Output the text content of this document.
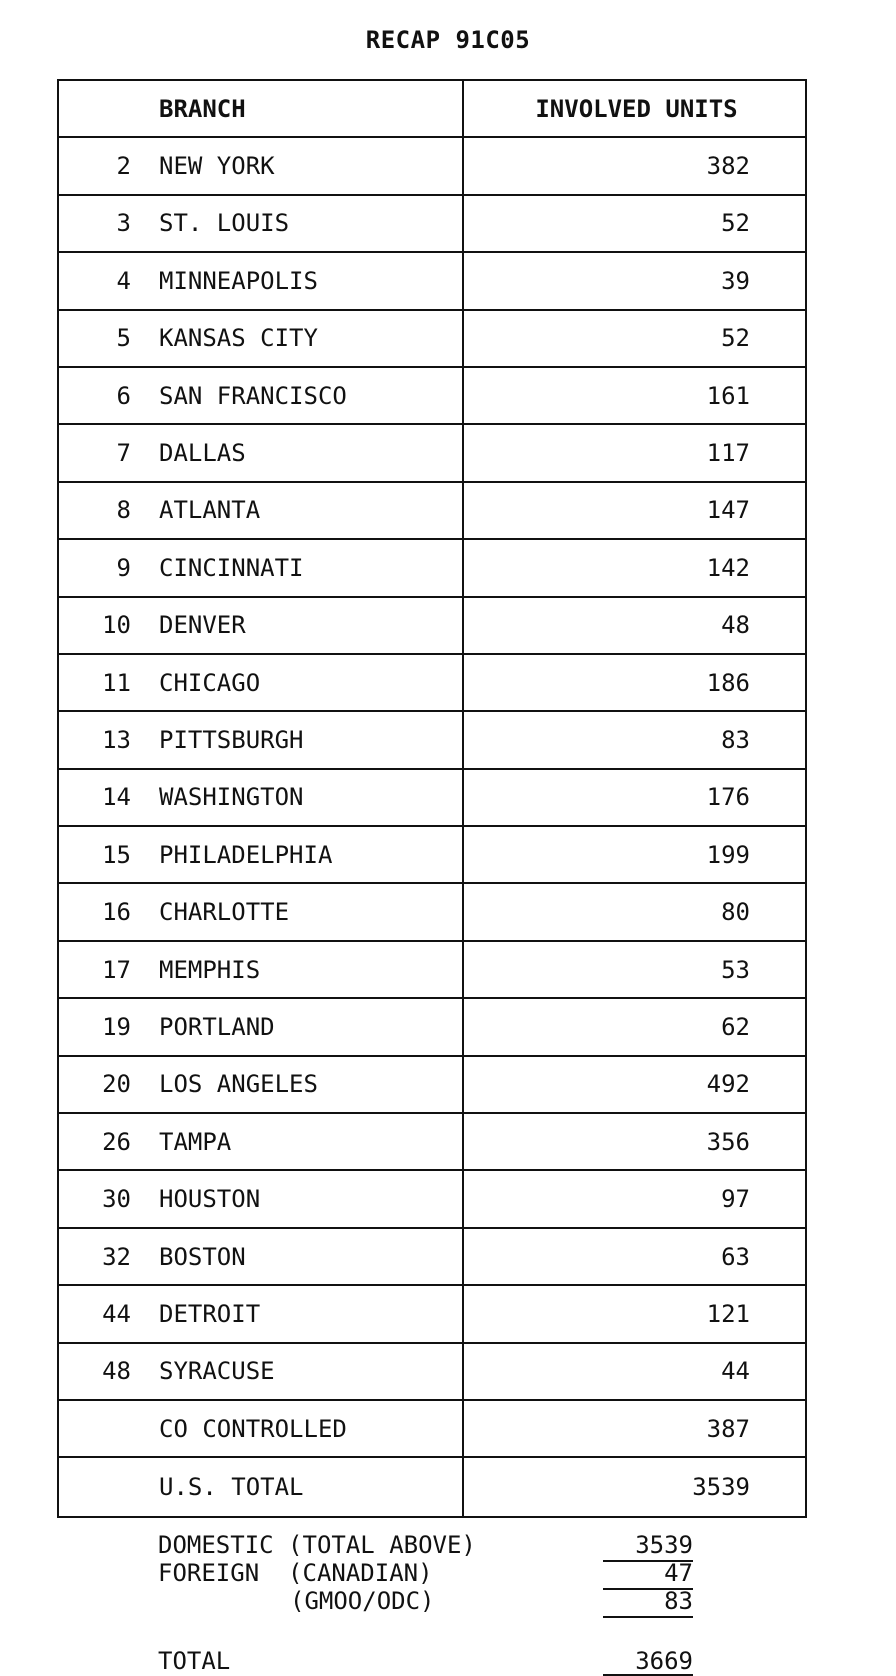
RECAP 91C05
BRANCH	INVOLVED UNITS
2 NEW YORK	382
3 ST. LOUIS	52
4 MINNEAPOLIS	39
5 KANSAS CITY	52
6 SAN FRANCISCO	161
7 DALLAS	117
8 ATLANTA	147
9 CINCINNATI	142
10 DENVER	48
11 CHICAGO	186
13 PITTSBURGH	83
14 WASHINGTON	176
15 PHILADELPHIA	199
16 CHARLOTTE	80
17 MEMPHIS	53
19 PORTLAND	62
20 LOS ANGELES	492
26 TAMPA	356
30 HOUSTON	97
32 BOSTON	63
44 DETROIT	121
48 SYRACUSE	44
CO CONTROLLED	387
U.S. TOTAL	3539
DOMESTIC (TOTAL ABOVE)	3539
FOREIGN  (CANADIAN)	47
(GMOO/ODC)	83
TOTAL	3669
